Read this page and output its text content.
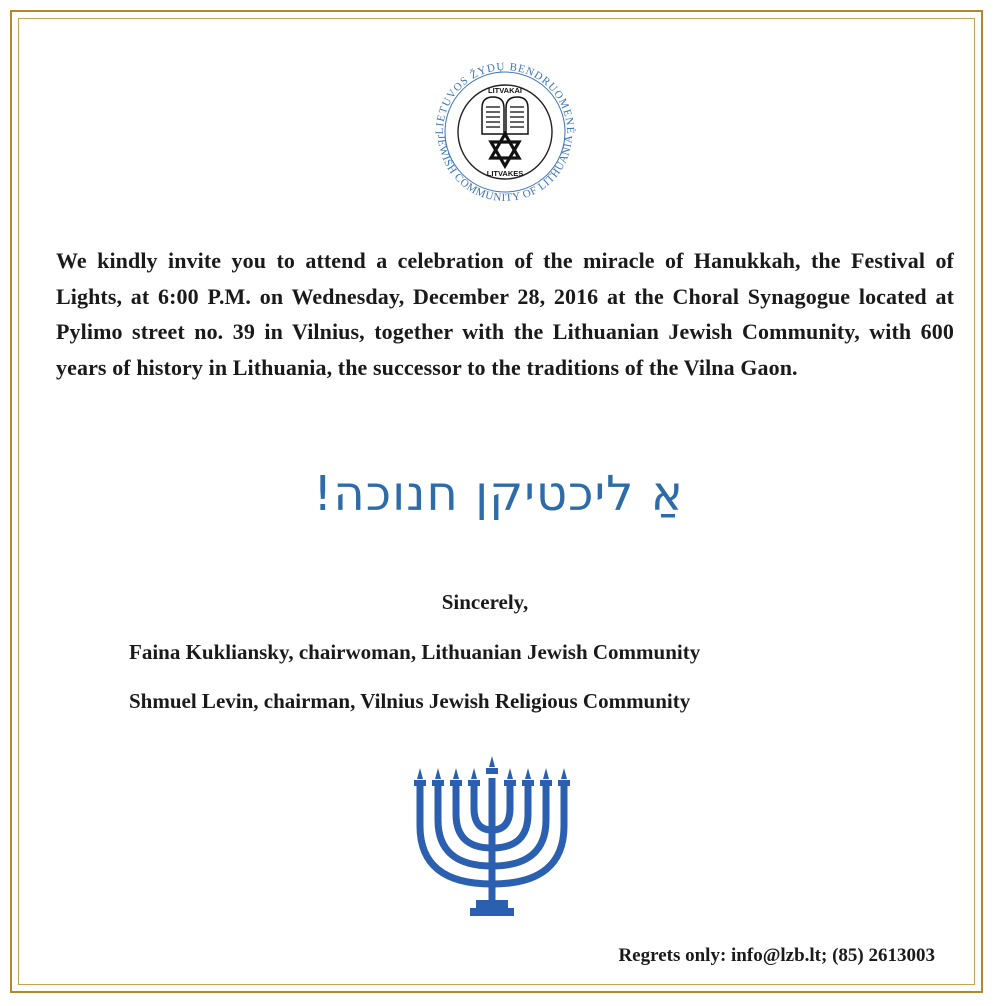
LIETUVOS ŽYDŲ BENDRUOMENĖ
JEWISH COMMUNITY OF LITHUANIA
LITVAKAI
LITVAKES
We kindly invite you to attend a celebration of the miracle of Hanukkah, the Festival of Lights, at 6:00 P.M. on Wednesday, December 28, 2016 at the Choral Synagogue located at Pylimo street no. 39 in Vilnius, together with the Lithuanian Jewish Community, with 600 years of history in Lithuania, the successor to the traditions of the Vilna Gaon.
אַ ליכטיקן חנוכה!
Sincerely,
Faina Kukliansky, chairwoman, Lithuanian Jewish Community
Shmuel Levin, chairman, Vilnius Jewish Religious Community
Regrets only: info@lzb.lt; (85) 2613003
